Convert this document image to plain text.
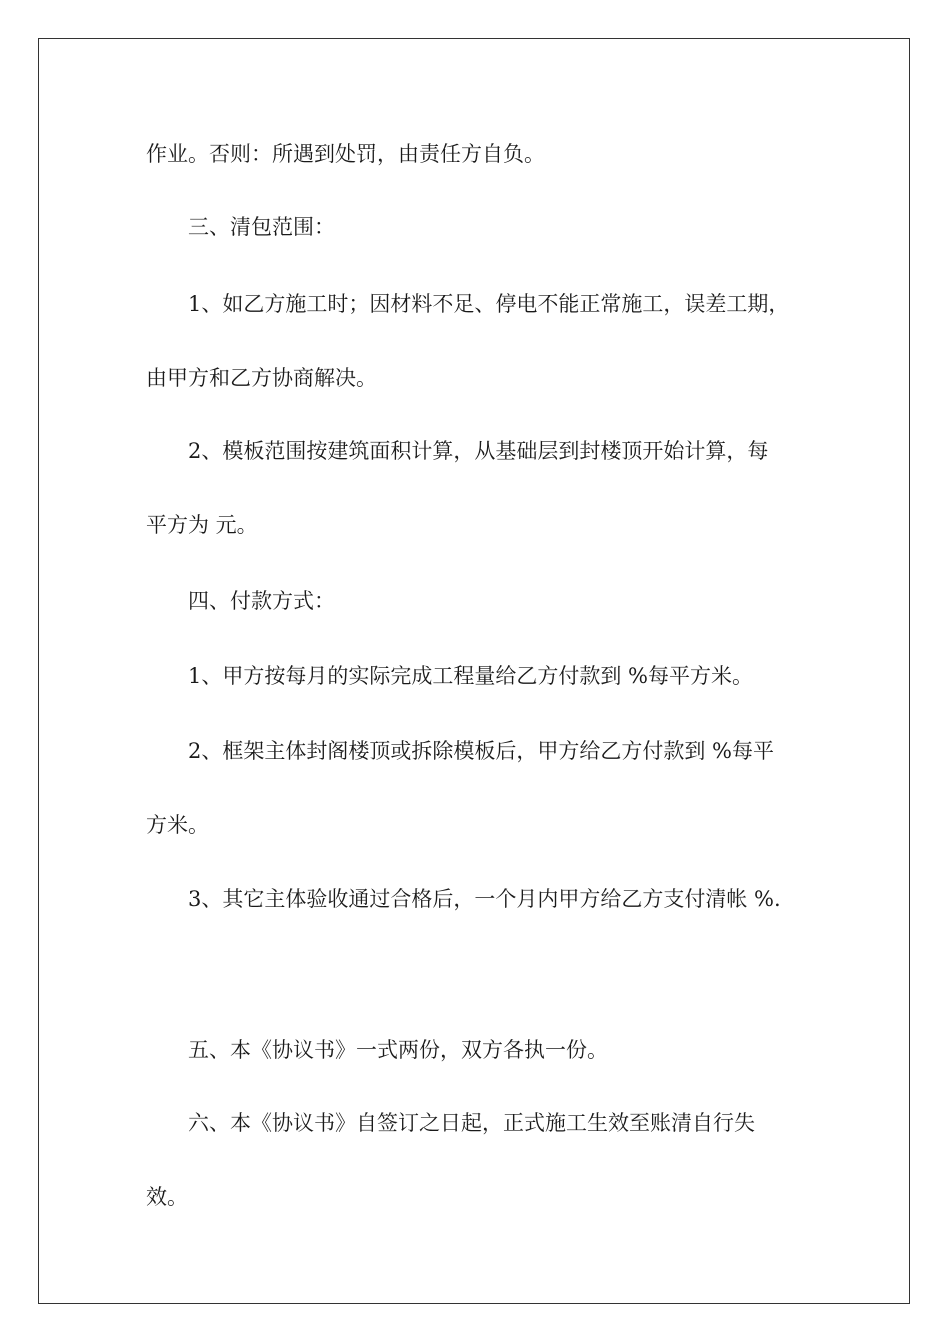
作业。否则：所遇到处罚，由责任方自负。
三、清包范围：
1、如乙方施工时；因材料不足、停电不能正常施工，误差工期，
由甲方和乙方协商解决。
2、模板范围按建筑面积计算，从基础层到封楼顶开始计算，每
平方为 元。
四、付款方式：
1、甲方按每月的实际完成工程量给乙方付款到 %每平方米。
2、框架主体封阁楼顶或拆除模板后，甲方给乙方付款到 %每平
方米。
3、其它主体验收通过合格后，一个月内甲方给乙方支付清帐 %.
五、本《协议书》一式两份，双方各执一份。
六、本《协议书》自签订之日起，正式施工生效至账清自行失
效。
